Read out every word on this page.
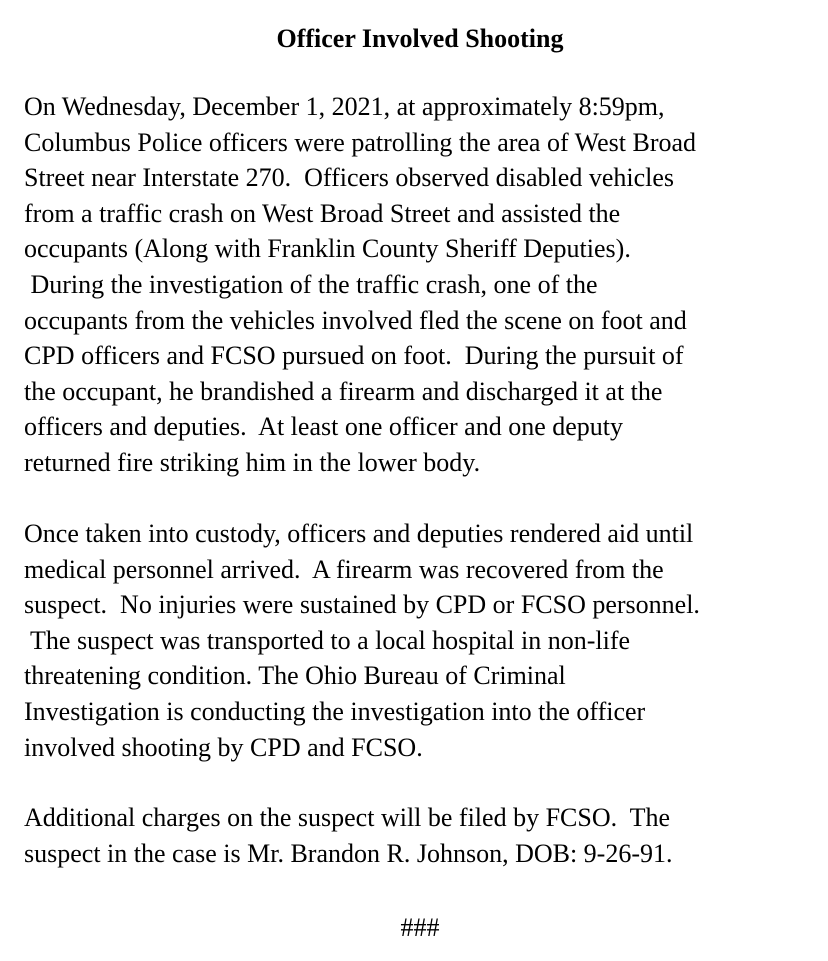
Officer Involved Shooting
On Wednesday, December 1, 2021, at approximately 8:59pm,
Columbus Police officers were patrolling the area of West Broad
Street near Interstate 270.  Officers observed disabled vehicles
from a traffic crash on West Broad Street and assisted the
occupants (Along with Franklin County Sheriff Deputies).
During the investigation of the traffic crash, one of the
occupants from the vehicles involved fled the scene on foot and
CPD officers and FCSO pursued on foot.  During the pursuit of
the occupant, he brandished a firearm and discharged it at the
officers and deputies.  At least one officer and one deputy
returned fire striking him in the lower body.
Once taken into custody, officers and deputies rendered aid until
medical personnel arrived.  A firearm was recovered from the
suspect.  No injuries were sustained by CPD or FCSO personnel.
The suspect was transported to a local hospital in non-life
threatening condition. The Ohio Bureau of Criminal
Investigation is conducting the investigation into the officer
involved shooting by CPD and FCSO.
Additional charges on the suspect will be filed by FCSO.  The
suspect in the case is Mr. Brandon R. Johnson, DOB: 9-26-91.
###
